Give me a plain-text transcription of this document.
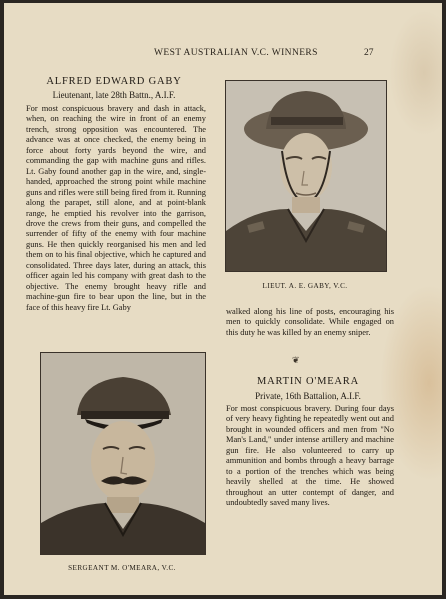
WEST AUSTRALIAN V.C. WINNERS	27
ALFRED EDWARD GABY
Lieutenant, late 28th Battn., A.I.F.

For most conspicuous bravery and dash in attack, when, on reaching the wire in front of an enemy trench, strong opposition was encountered. The advance was at once checked, the enemy being in force about forty yards beyond the wire, and commanding the gap with machine guns and rifles. Lt. Gaby found another gap in the wire, and, single-handed, approached the strong point while machine guns and rifles were still being fired from it. Running along the parapet, still alone, and at point-blank range, he emptied his revolver into the garrison, drove the crews from their guns, and compelled the surrender of fifty of the enemy with four machine guns. He then quickly reorganised his men and led them on to his final objective, which he captured and consolidated. Three days later, during an attack, this officer again led his company with great dash to the objective. The enemy brought heavy rifle and machine-gun fire to bear upon the line, but in the face of this heavy fire Lt. Gaby

LIEUT. A. E. GABY, V.C.

walked along his line of posts, encouraging his men to quickly consolidate. While engaged on this duty he was killed by an enemy sniper.

❦
SERGEANT M. O'MEARA, V.C.
MARTIN O'MEARA
Private, 16th Battalion, A.I.F.

For most conspicuous bravery. During four days of very heavy fighting he repeatedly went out and brought in wounded officers and men from "No Man's Land," under intense artillery and machine gun fire. He also volunteered to carry up ammunition and bombs through a heavy barrage to a portion of the trenches which was being heavily shelled at the time. He showed throughout an utter contempt of danger, and undoubtedly saved many lives.
